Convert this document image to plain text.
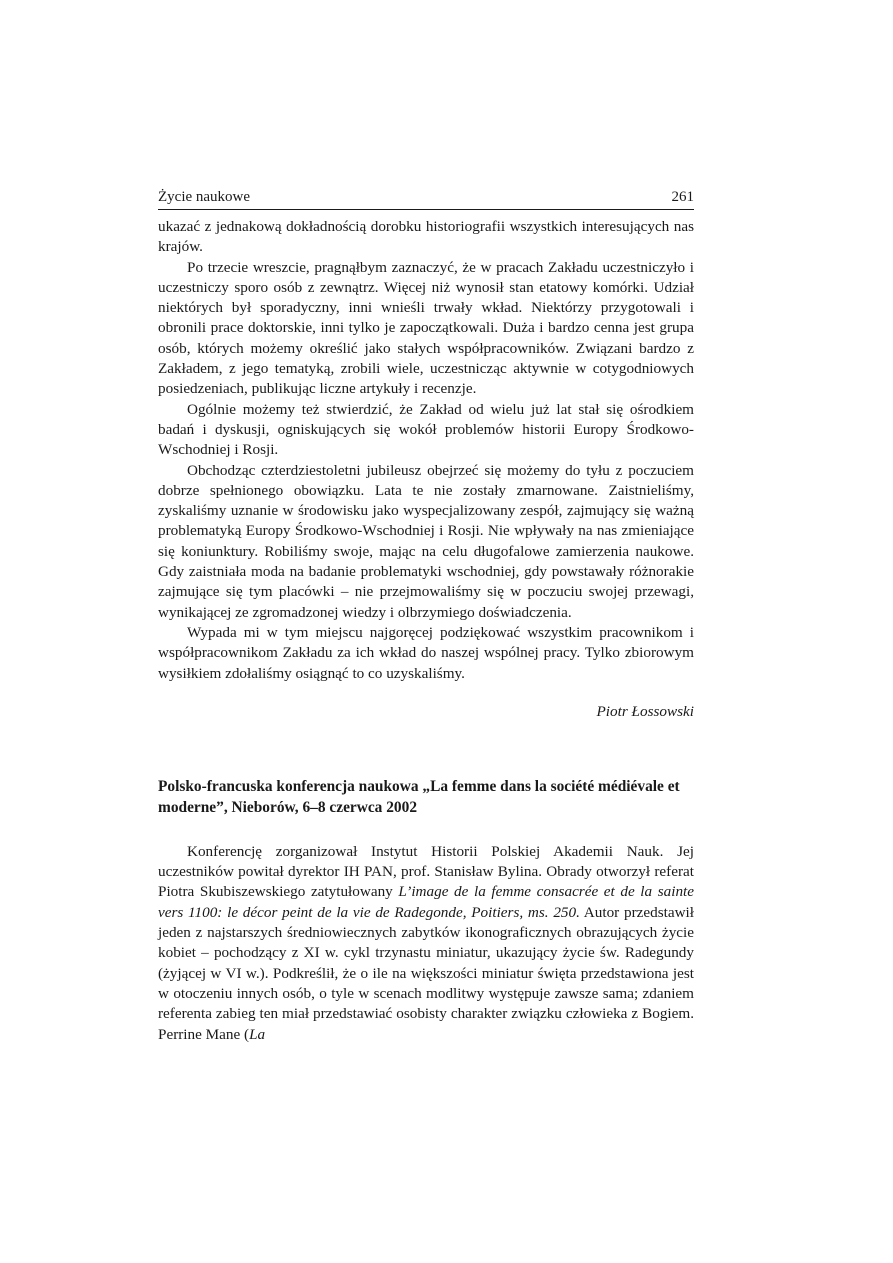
Życie naukowe	261

ukazać z jednakową dokładnością dorobku historiografii wszystkich interesujących nas krajów.

Po trzecie wreszcie, pragnąłbym zaznaczyć, że w pracach Zakładu uczestniczyło i uczestniczy sporo osób z zewnątrz. Więcej niż wynosił stan etatowy komórki. Udział niektórych był sporadyczny, inni wnieśli trwały wkład. Niektórzy przygotowali i obronili prace doktorskie, inni tylko je zapoczątkowali. Duża i bardzo cenna jest grupa osób, których możemy określić jako stałych współpracowników. Związani bardzo z Zakładem, z jego tematyką, zrobili wiele, uczestnicząc aktywnie w cotygodniowych posiedzeniach, publikując liczne artykuły i recenzje.

Ogólnie możemy też stwierdzić, że Zakład od wielu już lat stał się ośrodkiem badań i dyskusji, ogniskujących się wokół problemów historii Europy Środkowo-Wschodniej i Rosji.

Obchodząc czterdziestoletni jubileusz obejrzeć się możemy do tyłu z poczuciem dobrze spełnionego obowiązku. Lata te nie zostały zmarnowane. Zaistnieliśmy, zyskaliśmy uznanie w środowisku jako wyspecjalizowany zespół, zajmujący się ważną problematyką Europy Środkowo-Wschodniej i Rosji. Nie wpływały na nas zmieniające się koniunktury. Robiliśmy swoje, mając na celu długofalowe zamierzenia naukowe. Gdy zaistniała moda na badanie problematyki wschodniej, gdy powstawały różnorakie zajmujące się tym placówki – nie przejmowaliśmy się w poczuciu swojej przewagi, wynikającej ze zgromadzonej wiedzy i olbrzymiego doświadczenia.

Wypada mi w tym miejscu najgoręcej podziękować wszystkim pracownikom i współpracownikom Zakładu za ich wkład do naszej wspólnej pracy. Tylko zbiorowym wysiłkiem zdołaliśmy osiągnąć to co uzyskaliśmy.

Piotr Łossowski
Polsko-francuska konferencja naukowa „La femme dans la société médiévale et moderne”, Nieborów, 6–8 czerwca 2002

Konferencję zorganizował Instytut Historii Polskiej Akademii Nauk. Jej uczestników powitał dyrektor IH PAN, prof. Stanisław Bylina. Obrady otworzył referat Piotra Skubiszewskiego zatytułowany L’image de la femme consacrée et de la sainte vers 1100: le décor peint de la vie de Radegonde, Poitiers, ms. 250. Autor przedstawił jeden z najstarszych średniowiecznych zabytków ikonograficznych obrazujących życie kobiet – pochodzący z XI w. cykl trzynastu miniatur, ukazujący życie św. Radegundy (żyjącej w VI w.). Podkreślił, że o ile na większości miniatur święta przedstawiona jest w otoczeniu innych osób, o tyle w scenach modlitwy występuje zawsze sama; zdaniem referenta zabieg ten miał przedstawiać osobisty charakter związku człowieka z Bogiem. Perrine Mane (La
